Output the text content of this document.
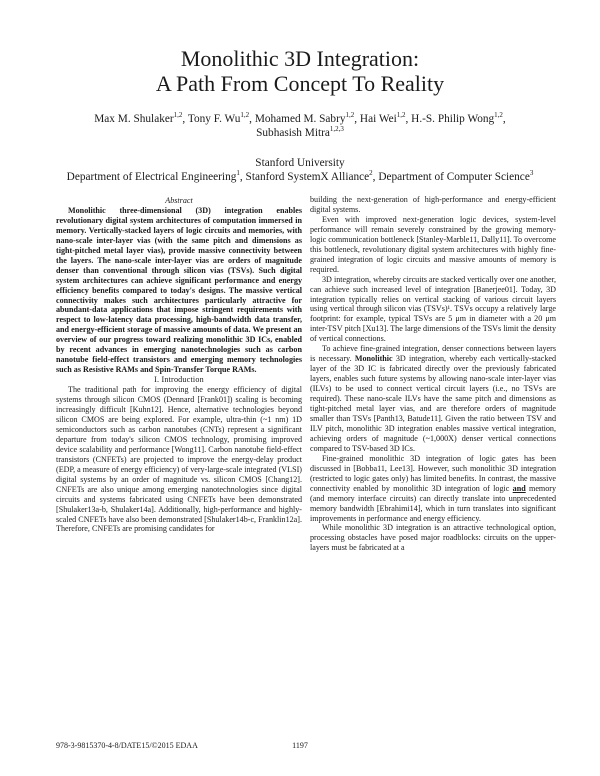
Monolithic 3D Integration:
A Path From Concept To Reality
Max M. Shulaker$^{1,2}$, Tony F. Wu$^{1,2}$, Mohamed M. Sabry$^{1,2}$, Hai Wei$^{1,2}$, H.-S. Philip Wong$^{1,2}$,
Subhasish Mitra$^{1,2,3}$
Stanford University
Department of Electrical Engineering$^1$, Stanford SystemX Alliance$^2$, Department of Computer Science$^3$

Abstract

Monolithic three-dimensional (3D) integration enables revolutionary digital system architectures of computation immersed in memory. Vertically-stacked layers of logic circuits and memories, with nano-scale inter-layer vias (with the same pitch and dimensions as tight-pitched metal layer vias), provide massive connectivity between the layers. The nano-scale inter-layer vias are orders of magnitude denser than conventional through silicon vias (TSVs). Such digital system architectures can achieve significant performance and energy efficiency benefits compared to today's designs. The massive vertical connectivity makes such architectures particularly attractive for abundant-data applications that impose stringent requirements with respect to low-latency data processing, high-bandwidth data transfer, and energy-efficient storage of massive amounts of data. We present an overview of our progress toward realizing monolithic 3D ICs, enabled by recent advances in emerging nanotechnologies such as carbon nanotube field-effect transistors and emerging memory technologies such as Resistive RAMs and Spin-Transfer Torque RAMs.

I. Introduction

The traditional path for improving the energy efficiency of digital systems through silicon CMOS (Dennard [Frank01]) scaling is becoming increasingly difficult [Kuhn12]. Hence, alternative technologies beyond silicon CMOS are being explored. For example, ultra-thin (~1 nm) 1D semiconductors such as carbon nanotubes (CNTs) represent a significant departure from today's silicon CMOS technology, promising improved device scalability and performance [Wong11]. Carbon nanotube field-effect transistors (CNFETs) are projected to improve the energy-delay product (EDP, a measure of energy efficiency) of very-large-scale integrated (VLSI) digital systems by an order of magnitude vs. silicon CMOS [Chang12]. CNFETs are also unique among emerging nanotechnologies since digital circuits and systems fabricated using CNFETs have been demonstrated [Shulaker13a-b, Shulaker14a]. Additionally, high-performance and highly-scaled CNFETs have also been demonstrated [Shulaker14b-c, Franklin12a]. Therefore, CNFETs are promising candidates for

building the next-generation of high-performance and energy-efficient digital systems.

Even with improved next-generation logic devices, system-level performance will remain severely constrained by the growing memory-logic communication bottleneck [Stanley-Marble11, Dally11]. To overcome this bottleneck, revolutionary digital system architectures with highly fine-grained integration of logic circuits and massive amounts of memory is required.

3D integration, whereby circuits are stacked vertically over one another, can achieve such increased level of integration [Banerjee01]. Today, 3D integration typically relies on vertical stacking of various circuit layers using vertical through silicon vias (TSVs)¹. TSVs occupy a relatively large footprint: for example, typical TSVs are 5 μm in diameter with a 20 μm inter-TSV pitch [Xu13]. The large dimensions of the TSVs limit the density of vertical connections.

To achieve fine-grained integration, denser connections between layers is necessary. Monolithic 3D integration, whereby each vertically-stacked layer of the 3D IC is fabricated directly over the previously fabricated layers, enables such future systems by allowing nano-scale inter-layer vias (ILVs) to be used to connect vertical circuit layers (i.e., no TSVs are required). These nano-scale ILVs have the same pitch and dimensions as tight-pitched metal layer vias, and are therefore orders of magnitude smaller than TSVs [Panth13, Batude11]. Given the ratio between TSV and ILV pitch, monolithic 3D integration enables massive vertical integration, achieving orders of magnitude (~1,000X) denser vertical connections compared to TSV-based 3D ICs.

Fine-grained monolithic 3D integration of logic gates has been discussed in [Bobba11, Lee13]. However, such monolithic 3D integration (restricted to logic gates only) has limited benefits. In contrast, the massive connectivity enabled by monolithic 3D integration of logic and memory (and memory interface circuits) can directly translate into unprecedented memory bandwidth [Ebrahimi14], which in turn translates into significant improvements in performance and energy efficiency.

While monolithic 3D integration is an attractive technological option, processing obstacles have posed major roadblocks: circuits on the upper-layers must be fabricated at a

978-3-9815370-4-8/DATE15/©2015 EDAA	1197
